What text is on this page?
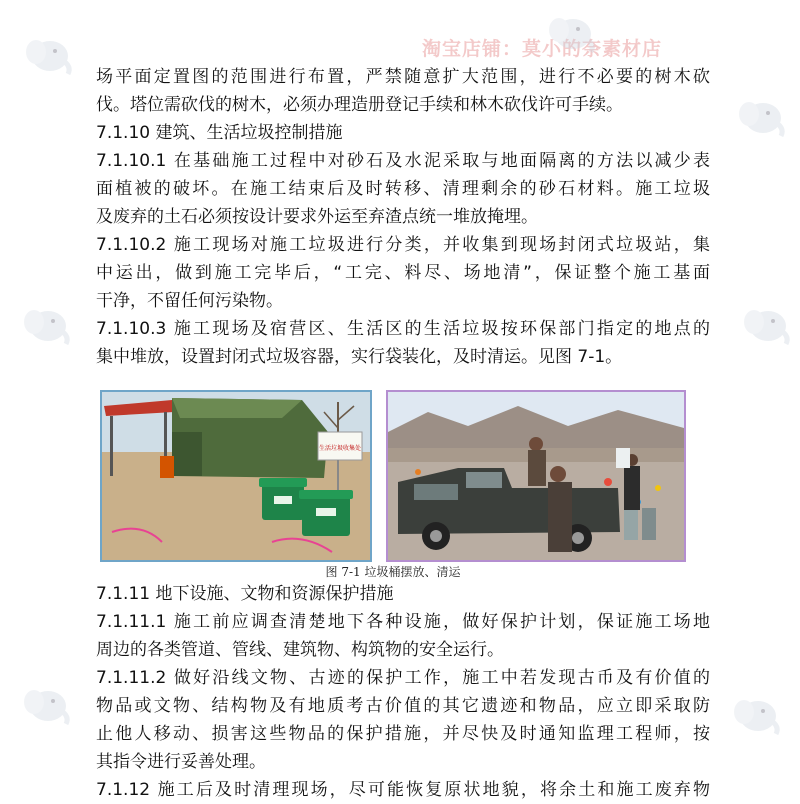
淘宝店铺：莫小的奈素材店
场平面定置图的范围进行布置，严禁随意扩大范围，进行不必要的树木砍
伐。塔位需砍伐的树木，必须办理造册登记手续和林木砍伐许可手续。
7.1.10 建筑、生活垃圾控制措施
7.1.10.1 在基础施工过程中对砂石及水泥采取与地面隔离的方法以减少表
面植被的破坏。在施工结束后及时转移、清理剩余的砂石材料。施工垃圾
及废弃的土石必须按设计要求外运至弃渣点统一堆放掩埋。
7.1.10.2 施工现场对施工垃圾进行分类，并收集到现场封闭式垃圾站，集
中运出，做到施工完毕后，“工完、料尽、场地清”，保证整个施工基面
干净，不留任何污染物。
7.1.10.3 施工现场及宿营区、生活区的生活垃圾按环保部门指定的地点的
集中堆放，设置封闭式垃圾容器，实行袋装化，及时清运。见图 7-1。
生活垃圾收集处
图 7-1 垃圾桶摆放、清运
7.1.11 地下设施、文物和资源保护措施
7.1.11.1 施工前应调查清楚地下各种设施，做好保护计划，保证施工场地
周边的各类管道、管线、建筑物、构筑物的安全运行。
7.1.11.2 做好沿线文物、古迹的保护工作，施工中若发现古币及有价值的
物品或文物、结构物及有地质考古价值的其它遗迹和物品，应立即采取防
止他人移动、损害这些物品的保护措施，并尽快及时通知监理工程师，按
其指令进行妥善处理。
7.1.12 施工后及时清理现场，尽可能恢复原状地貌，将余土和施工废弃物
